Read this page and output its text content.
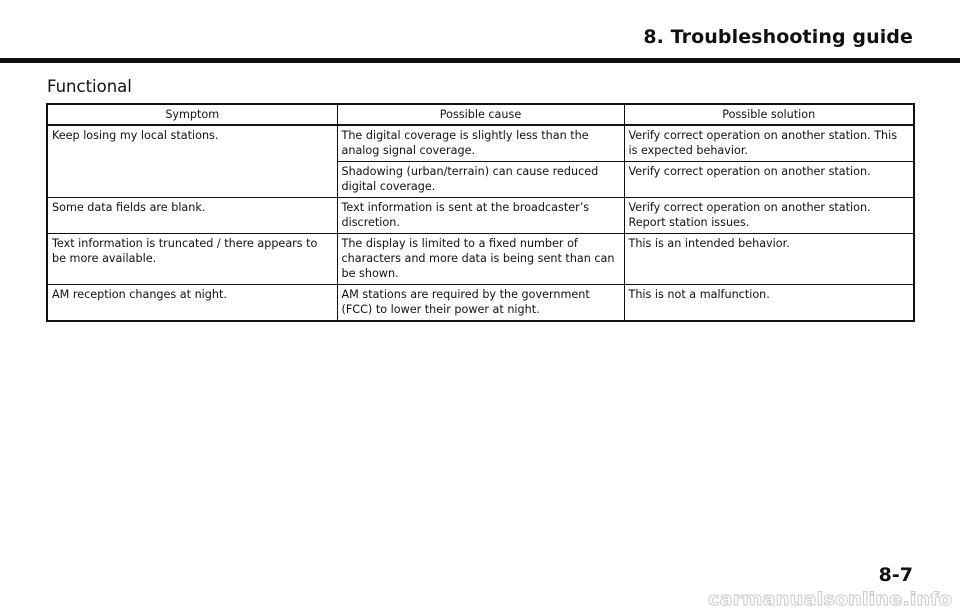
8. Troubleshooting guide
Functional
Symptom	Possible cause	Possible solution
Keep losing my local stations.	The digital coverage is slightly less than the analog signal coverage.	Verify correct operation on another station. This is expected behavior.
	Shadowing (urban/terrain) can cause reduced digital coverage.	Verify correct operation on another station.
Some data fields are blank.	Text information is sent at the broadcaster’s discretion.	Verify correct operation on another station. Report station issues.
Text information is truncated / there appears to be more available.	The display is limited to a fixed number of characters and more data is being sent than can be shown.	This is an intended behavior.
AM reception changes at night.	AM stations are required by the government (FCC) to lower their power at night.	This is not a malfunction.
8-7
carmanualsonline.info
